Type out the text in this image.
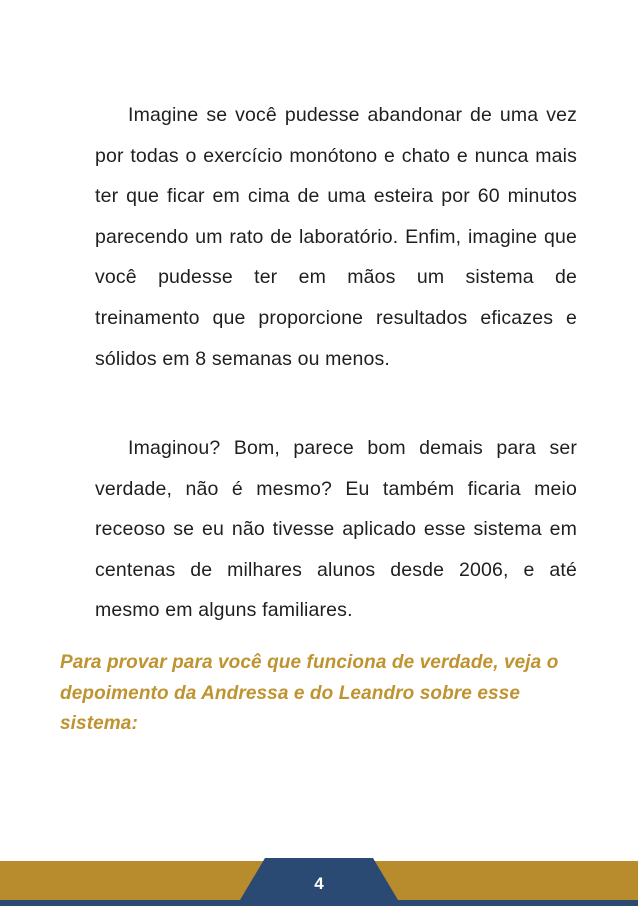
Imagine se você pudesse abandonar de uma vez por todas o exercício monótono e chato e nunca mais ter que ficar em cima de uma esteira por 60 minutos parecendo um rato de laboratório. Enfim, imagine que você pudesse ter em mãos um sistema de treinamento que proporcione resultados eficazes e sólidos em 8 semanas ou menos.

Imaginou? Bom, parece bom demais para ser verdade, não é mesmo? Eu também ficaria meio receoso se eu não tivesse aplicado esse sistema em centenas de milhares alunos desde 2006, e até mesmo em alguns familiares.

Para provar para você que funciona de verdade, veja o depoimento da Andressa e do Leandro sobre esse sistema:

4
